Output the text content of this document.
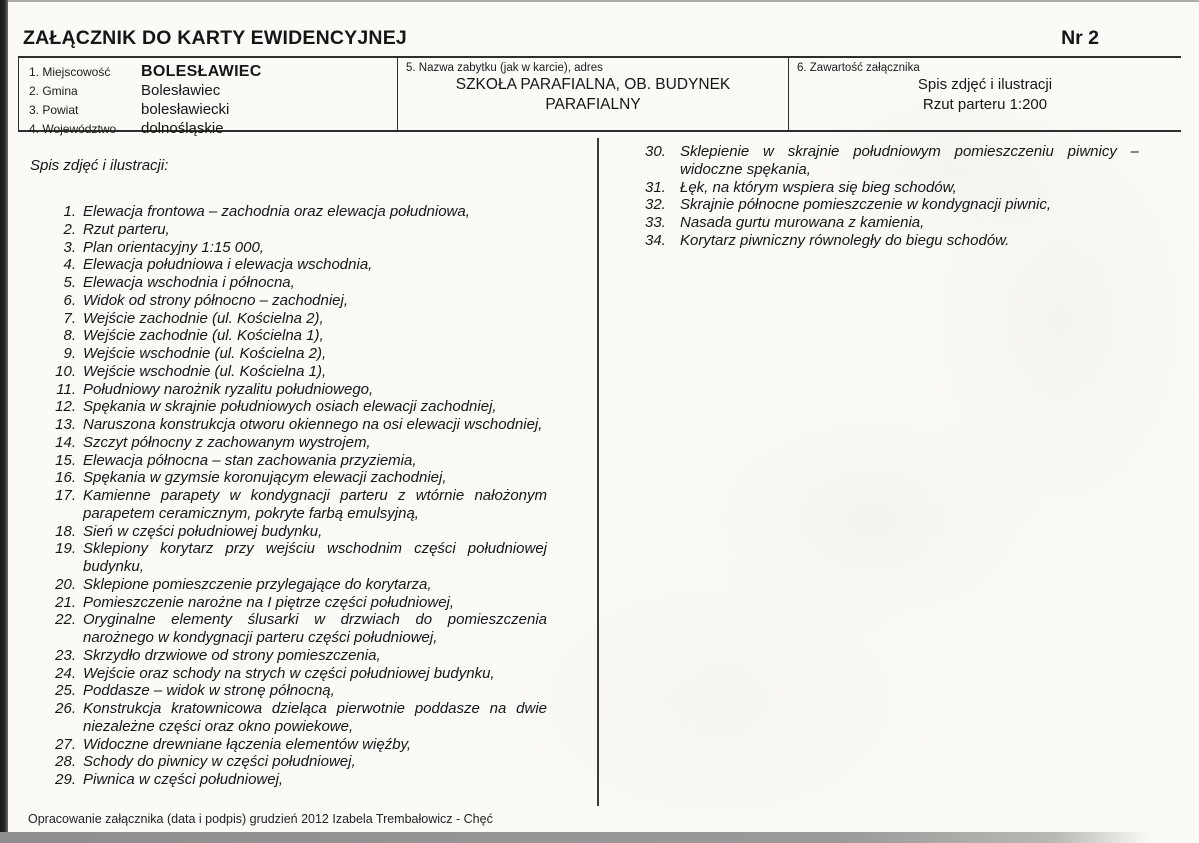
ZAŁĄCZNIK DO KARTY EWIDENCYJNEJ	Nr 2
1. Miejscowość	BOLESŁAWIEC
2. Gmina	Bolesławiec
3. Powiat	bolesławiecki
4. Województwo	dolnośląskie
5. Nazwa zabytku (jak w karcie), adres
SZKOŁA PARAFIALNA, OB. BUDYNEK
PARAFIALNY
6. Zawartość załącznika
Spis zdjęć i ilustracji
Rzut parteru 1:200

Spis zdjęć i ilustracji:

1. Elewacja frontowa – zachodnia oraz elewacja południowa,
2. Rzut parteru,
3. Plan orientacyjny 1:15 000,
4. Elewacja południowa i elewacja wschodnia,
5. Elewacja wschodnia i północna,
6. Widok od strony północno – zachodniej,
7. Wejście zachodnie (ul. Kościelna 2),
8. Wejście zachodnie (ul. Kościelna 1),
9. Wejście wschodnie (ul. Kościelna 2),
10. Wejście wschodnie (ul. Kościelna 1),
11. Południowy narożnik ryzalitu południowego,
12. Spękania w skrajnie południowych osiach elewacji zachodniej,
13. Naruszona konstrukcja otworu okiennego na osi elewacji wschodniej,
14. Szczyt północny z zachowanym wystrojem,
15. Elewacja północna – stan zachowania przyziemia,
16. Spękania w gzymsie koronującym elewacji zachodniej,
17. Kamienne parapety w kondygnacji parteru z wtórnie nałożonym parapetem ceramicznym, pokryte farbą emulsyjną,
18. Sień w części południowej budynku,
19. Sklepiony korytarz przy wejściu wschodnim części południowej budynku,
20. Sklepione pomieszczenie przylegające do korytarza,
21. Pomieszczenie narożne na I piętrze części południowej,
22. Oryginalne elementy ślusarki w drzwiach do pomieszczenia narożnego w kondygnacji parteru części południowej,
23. Skrzydło drzwiowe od strony pomieszczenia,
24. Wejście oraz schody na strych w części południowej budynku,
25. Poddasze – widok w stronę północną,
26. Konstrukcja kratownicowa dzieląca pierwotnie poddasze na dwie niezależne części oraz okno powiekowe,
27. Widoczne drewniane łączenia elementów więźby,
28. Schody do piwnicy w części południowej,
29. Piwnica w części południowej,
30. Sklepienie w skrajnie południowym pomieszczeniu piwnicy – widoczne spękania,
31. Łęk, na którym wspiera się bieg schodów,
32. Skrajnie północne pomieszczenie w kondygnacji piwnic,
33. Nasada gurtu murowana z kamienia,
34. Korytarz piwniczny równoległy do biegu schodów.
Opracowanie załącznika (data i podpis) grudzień 2012 Izabela Trembałowicz - Chęć
